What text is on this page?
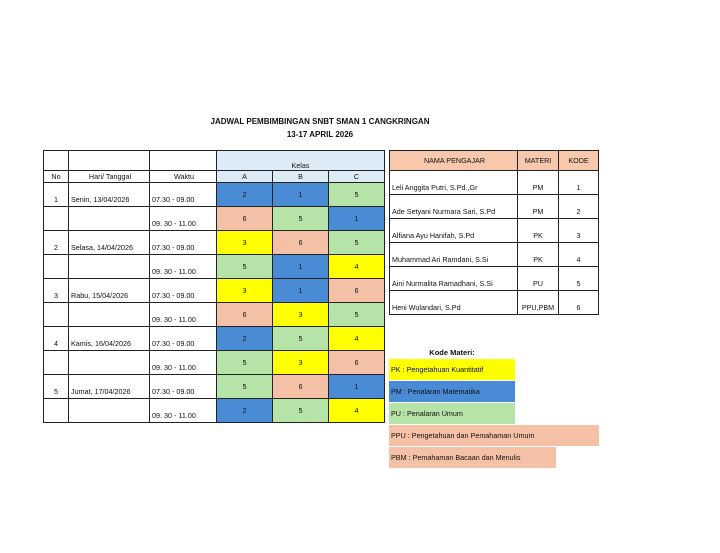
JADWAL PEMBIMBINGAN SNBT SMAN 1 CANGKRINGAN
13-17 APRIL 2026
			Kelas		
No	Hari/ Tanggal	Waktu	A	B	C
1	Senin, 13/04/2026	07.30 - 09.00	2	1	5
		09. 30 - 11.00	6	5	1
2	Selasa, 14/04/2026	07.30 - 09.00	3	6	5
		09. 30 - 11.00	5	1	4
3	Rabu, 15/04/2026	07.30 - 09.00	3	1	6
		09. 30 - 11.00	6	3	5
4	Kamis, 16/04/2026	07.30 - 09.00	2	5	4
		09. 30 - 11.00	5	3	6
5	Jumat, 17/04/2026	07.30 - 09.00	5	6	1
		09. 30 - 11.00	2	5	4
NAMA PENGAJAR	MATERI	KODE
Leli Anggita Putri, S.Pd.,Gr	PM	1
Ade Setyani Nurmara Sari, S.Pd	PM	2
Alfiana Ayu Hanifah, S.Pd	PK	3
Muhammad Ari Ramdani, S.Si	PK	4
Aini Nurmalita Ramadhani, S.Si	PU	5
Heni Wulandari, S.Pd	PPU,PBM	6
Kode Materi:
PK : Pengetahuan Kuantitatif
PM : Penalaran Matematika
PU : Penalaran Umum
PPU : Pengetahuan dan Pemahaman Umum
PBM : Pemahaman Bacaan dan Menulis
